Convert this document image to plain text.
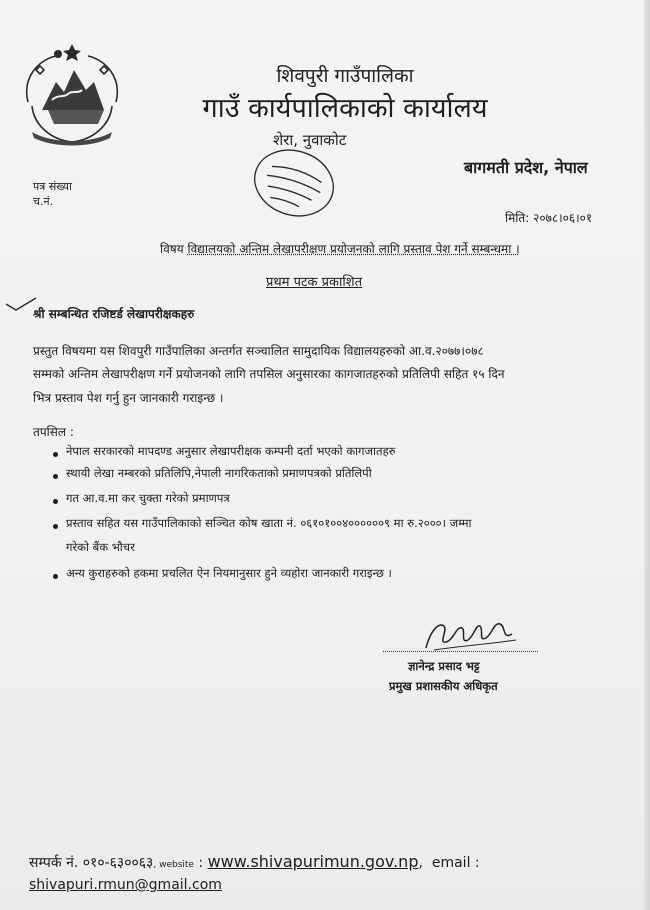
शिवपुरी गाउँपालिका
गाउँ कार्यपालिकाको कार्यालय
शेरा, नुवाकोट
बागमती प्रदेश, नेपाल
पत्र संख्या
च.नं.
मिति: २०७८।०६।०१
विषय विद्यालयको अन्तिम लेखापरीक्षण प्रयोजनको लागि प्रस्ताव पेश गर्ने सम्बन्धमा ।
प्रथम पटक प्रकाशित
श्री सम्बन्धित रजिष्टर्ड लेखापरीक्षकहरु
प्रस्तुत विषयमा यस शिवपुरी गाउँपालिका अन्तर्गत सञ्चालित सामुदायिक विद्यालयहरुको आ.व.२०७७।०७८
सम्मको अन्तिम लेखापरीक्षण गर्ने प्रयोजनको लागि तपसिल अनुसारका कागजातहरुको प्रतिलिपी सहित १५ दिन
भित्र प्रस्ताव पेश गर्नु हुन जानकारी गराइन्छ ।
तपसिल :
नेपाल सरकारको मापदण्ड अनुसार लेखापरीक्षक कम्पनी दर्ता भएको कागजातहरु
स्थायी लेखा नम्बरको प्रतिलिपि,नेपाली नागरिकताको प्रमाणपत्रको प्रतिलिपी
गत आ.व.मा कर चुक्ता गरेको प्रमाणपत्र
प्रस्ताव सहित यस गाउँपालिकाको सञ्चित कोष खाता नं. ०६१०१००४००००००९ मा रु.२०००। जम्मा
गरेको बैंक भौचर
अन्य कुराहरुको हकमा प्रचलित ऐन नियमानुसार हुने व्यहोरा जानकारी गराइन्छ ।
ज्ञानेन्द्र प्रसाद भट्ट
प्रमुख प्रशासकीय अधिकृत
सम्पर्क नं. ०१०-६३००६३, website : www.shivapurimun.gov.np,  email :
shivapuri.rmun@gmail.com
